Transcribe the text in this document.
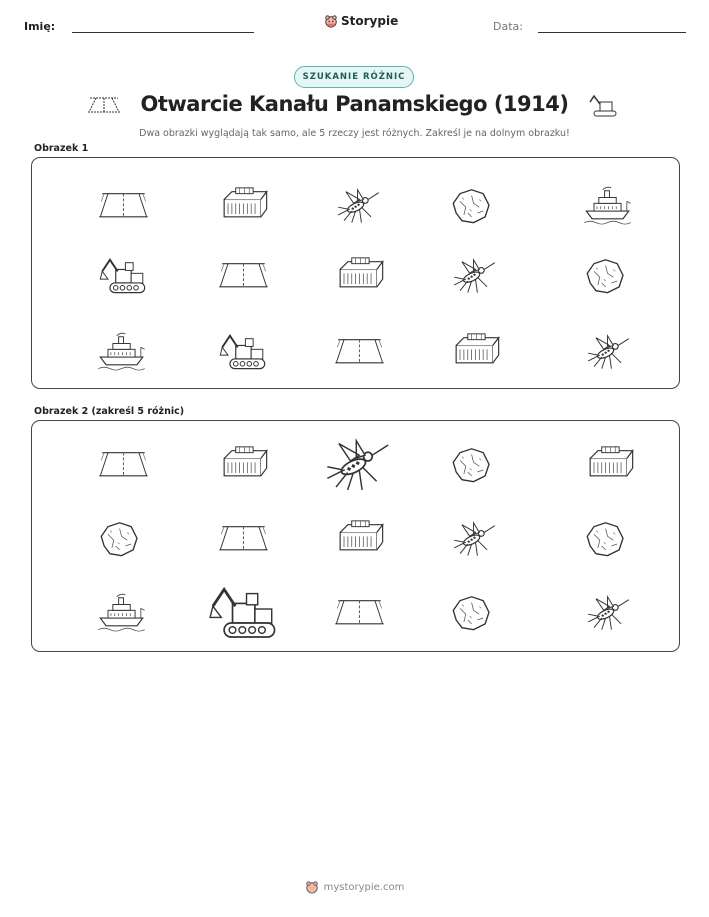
Imię:	Storypie	Data:
SZUKANIE RÓŻNIC
Otwarcie Kanału Panamskiego (1914)
Dwa obrazki wyglądają tak samo, ale 5 rzeczy jest różnych. Zakreśl je na dolnym obrazku!
Obrazek 1
Obrazek 2 (zakreśl 5 różnic)
mystorypie.com
